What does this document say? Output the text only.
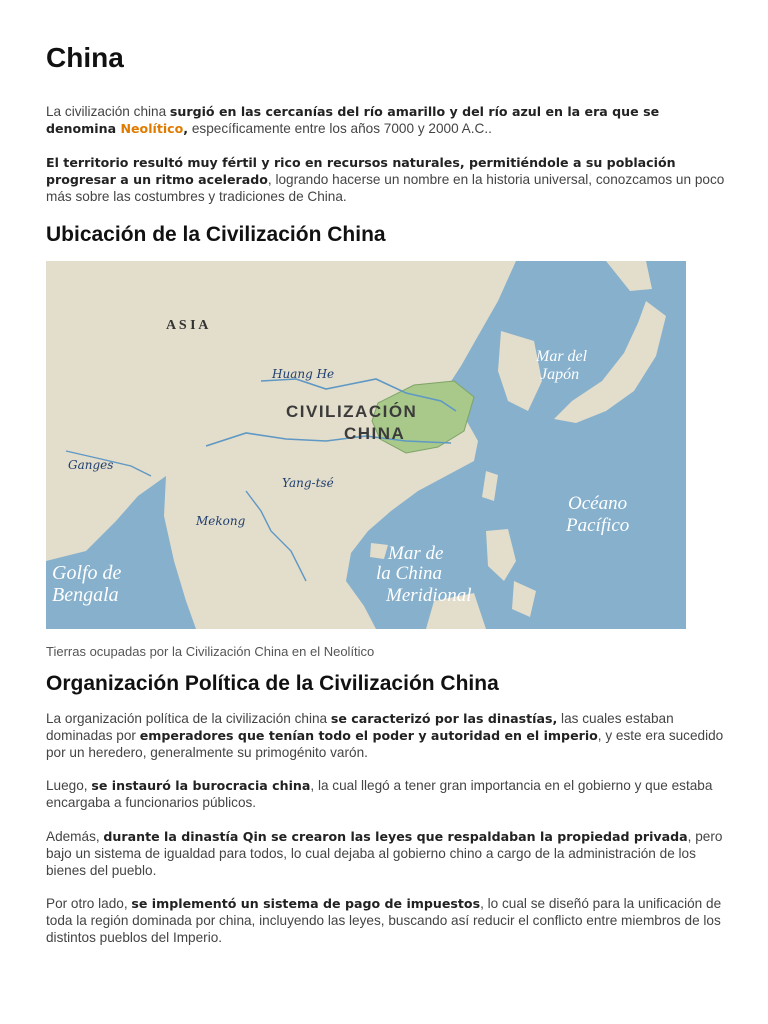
China

La civilización china surgió en las cercanías del río amarillo y del río azul en la era que se denomina Neolítico, específicamente entre los años 7000 y 2000 A.C..

El territorio resultó muy fértil y rico en recursos naturales, permitiéndole a su población progresar a un ritmo acelerado, logrando hacerse un nombre en la historia universal, conozcamos un poco más sobre las costumbres y tradiciones de China.

Ubicación de la Civilización China
A S I A
Huang He
CIVILIZACIÓN
CHINA
Yang-tsé
Ganges
Mekong
Mar del
Japón
Océano
Pacífico
Mar de
la China
Meridional
Golfo de
Bengala

Tierras ocupadas por la Civilización China en el Neolítico

Organización Política de la Civilización China

La organización política de la civilización china se caracterizó por las dinastías, las cuales estaban dominadas por emperadores que tenían todo el poder y autoridad en el imperio, y este era sucedido por un heredero, generalmente su primogénito varón.

Luego, se instauró la burocracia china, la cual llegó a tener gran importancia en el gobierno y que estaba encargaba a funcionarios públicos.

Además, durante la dinastía Qin se crearon las leyes que respaldaban la propiedad privada, pero bajo un sistema de igualdad para todos, lo cual dejaba al gobierno chino a cargo de la administración de los bienes del pueblo.

Por otro lado, se implementó un sistema de pago de impuestos, lo cual se diseñó para la unificación de toda la región dominada por china, incluyendo las leyes, buscando así reducir el conflicto entre miembros de los distintos pueblos del Imperio.
